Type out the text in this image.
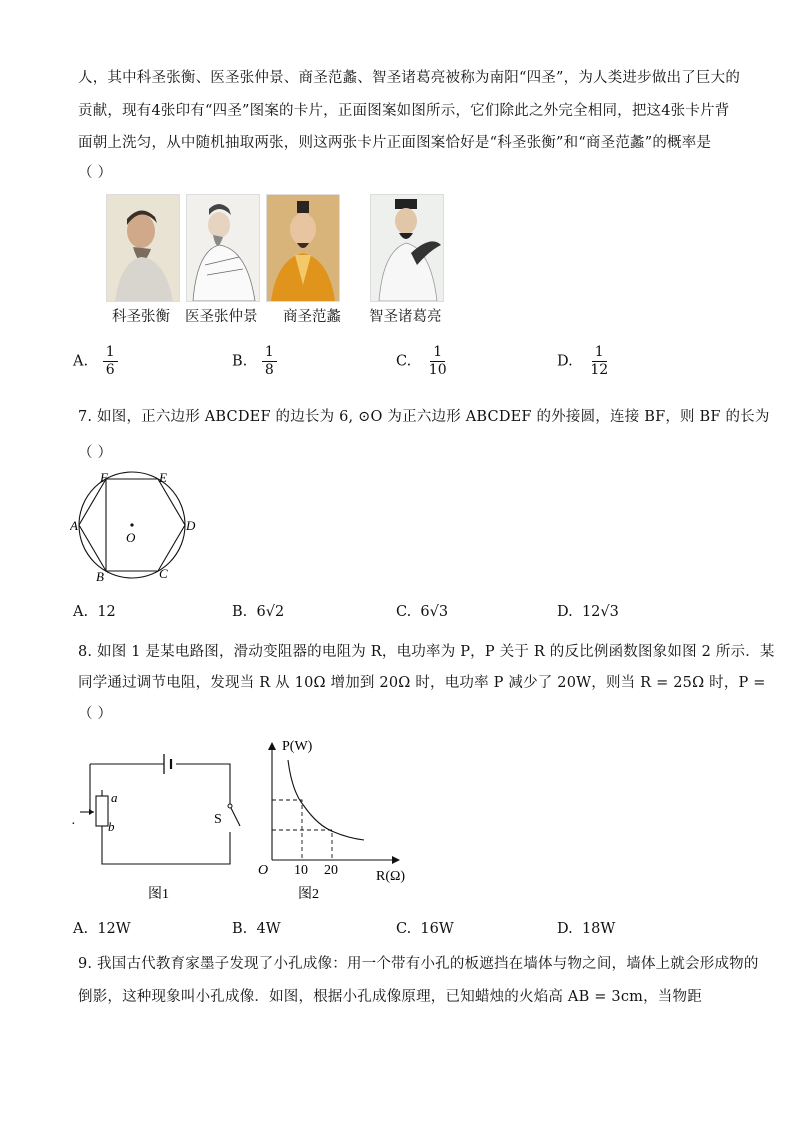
人，其中科圣张衡、医圣张仲景、商圣范蠡、智圣诸葛亮被称为南阳“四圣”，为人类进步做出了巨大的
贡献，现有4张印有“四圣”图案的卡片，正面图案如图所示，它们除此之外完全相同，把这4张卡片背
面朝上洗匀，从中随机抽取两张，则这两张卡片正面图案恰好是“科圣张衡”和“商圣范蠡”的概率是
（ ）
科圣张衡 医圣张仲景 商圣范蠡 智圣诸葛亮
A. $\frac{1}{6}$	B. $\frac{1}{8}$	C. $\frac{1}{10}$	D. $\frac{1}{12}$
7. 如图，正六边形 ABCDEF 的边长为 6, ⊙O 为正六边形 ABCDEF 的外接圆，连接 BF，则 BF 的长为
（ ）
F	E
A	D
B	C
O
A. 12	B. 6√2	C. 6√3	D. 12√3
8. 如图 1 是某电路图，滑动变阻器的电阻为 R，电功率为 P，P 关于 R 的反比例函数图象如图 2 所示．某
同学通过调节电阻，发现当 R 从 10Ω 增加到 20Ω 时，电功率 P 减少了 20W，则当 R = 25Ω 时，P =
（ ）
·
a
b	S
图1
P(W)
R(Ω)
O 10 20
图2
A. 12W	B. 4W	C. 16W	D. 18W
9. 我国古代教育家墨子发现了小孔成像：用一个带有小孔的板遮挡在墙体与物之间，墙体上就会形成物的
倒影，这种现象叫小孔成像．如图，根据小孔成像原理，已知蜡烛的火焰高 AB = 3cm，当物距
